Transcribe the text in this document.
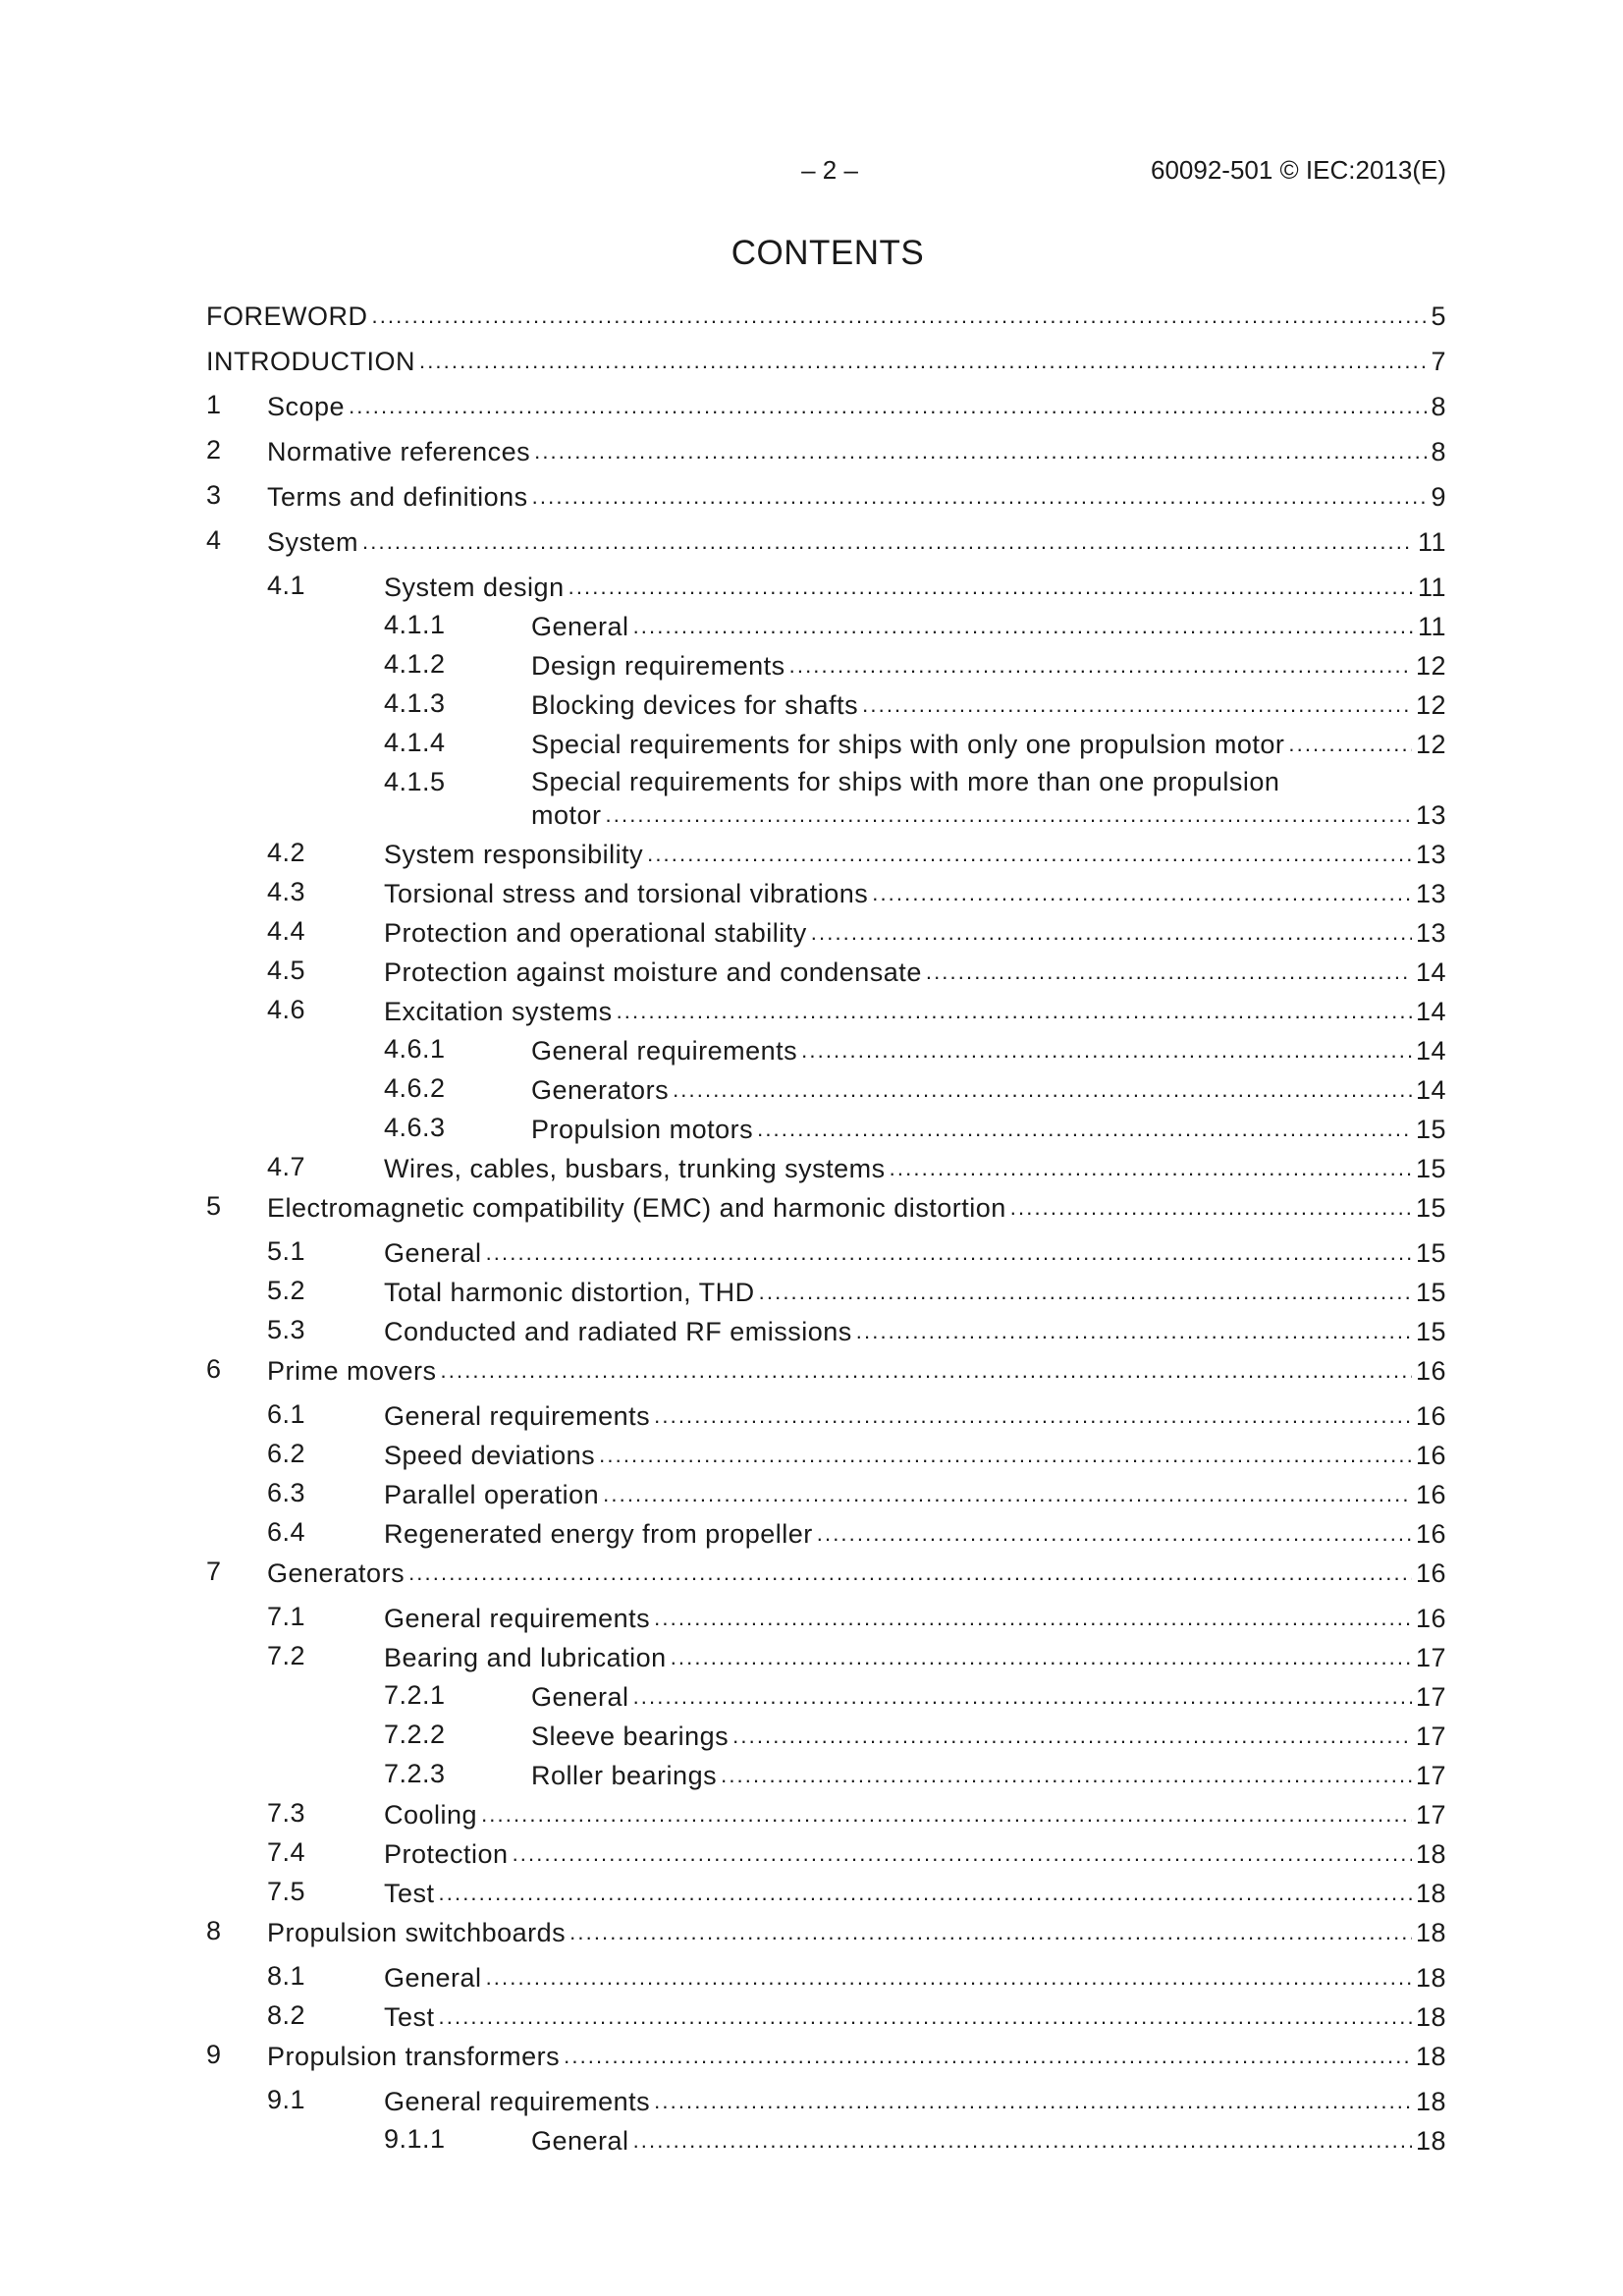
– 2 –	60092-501 © IEC:2013(E)
CONTENTS
FOREWORD . . .	5
INTRODUCTION . . .	7
1 Scope . . .	8
2 Normative references . . .	8
3 Terms and definitions . . .	9
4 System . . .	11
4.1	System design . . .	11
4.1.1	General . . .	11
4.1.2	Design requirements . . .	12
4.1.3	Blocking devices for shafts . . .	12
4.1.4	Special requirements for ships with only one propulsion motor . . .	12
4.1.5	Special requirements for ships with more than one propulsion
motor . . .	13
4.2	System responsibility . . .	13
4.3	Torsional stress and torsional vibrations . . .	13
4.4	Protection and operational stability . . .	13
4.5	Protection against moisture and condensate . . .	14
4.6	Excitation systems . . .	14
4.6.1	General requirements . . .	14
4.6.2	Generators . . .	14
4.6.3	Propulsion motors . . .	15
4.7	Wires, cables, busbars, trunking systems . . .	15
5 Electromagnetic compatibility (EMC) and harmonic distortion . . .	15
5.1	General . . .	15
5.2	Total harmonic distortion, THD . . .	15
5.3	Conducted and radiated RF emissions . . .	15
6 Prime movers . . .	16
6.1	General requirements . . .	16
6.2	Speed deviations . . .	16
6.3	Parallel operation . . .	16
6.4	Regenerated energy from propeller . . .	16
7 Generators . . .	16
7.1	General requirements . . .	16
7.2	Bearing and lubrication . . .	17
7.2.1	General . . .	17
7.2.2	Sleeve bearings . . .	17
7.2.3	Roller bearings . . .	17
7.3	Cooling . . .	17
7.4	Protection . . .	18
7.5	Test . . .	18
8 Propulsion switchboards . . .	18
8.1	General . . .	18
8.2	Test . . .	18
9 Propulsion transformers . . .	18
9.1	General requirements . . .	18
9.1.1	General . . .	18
